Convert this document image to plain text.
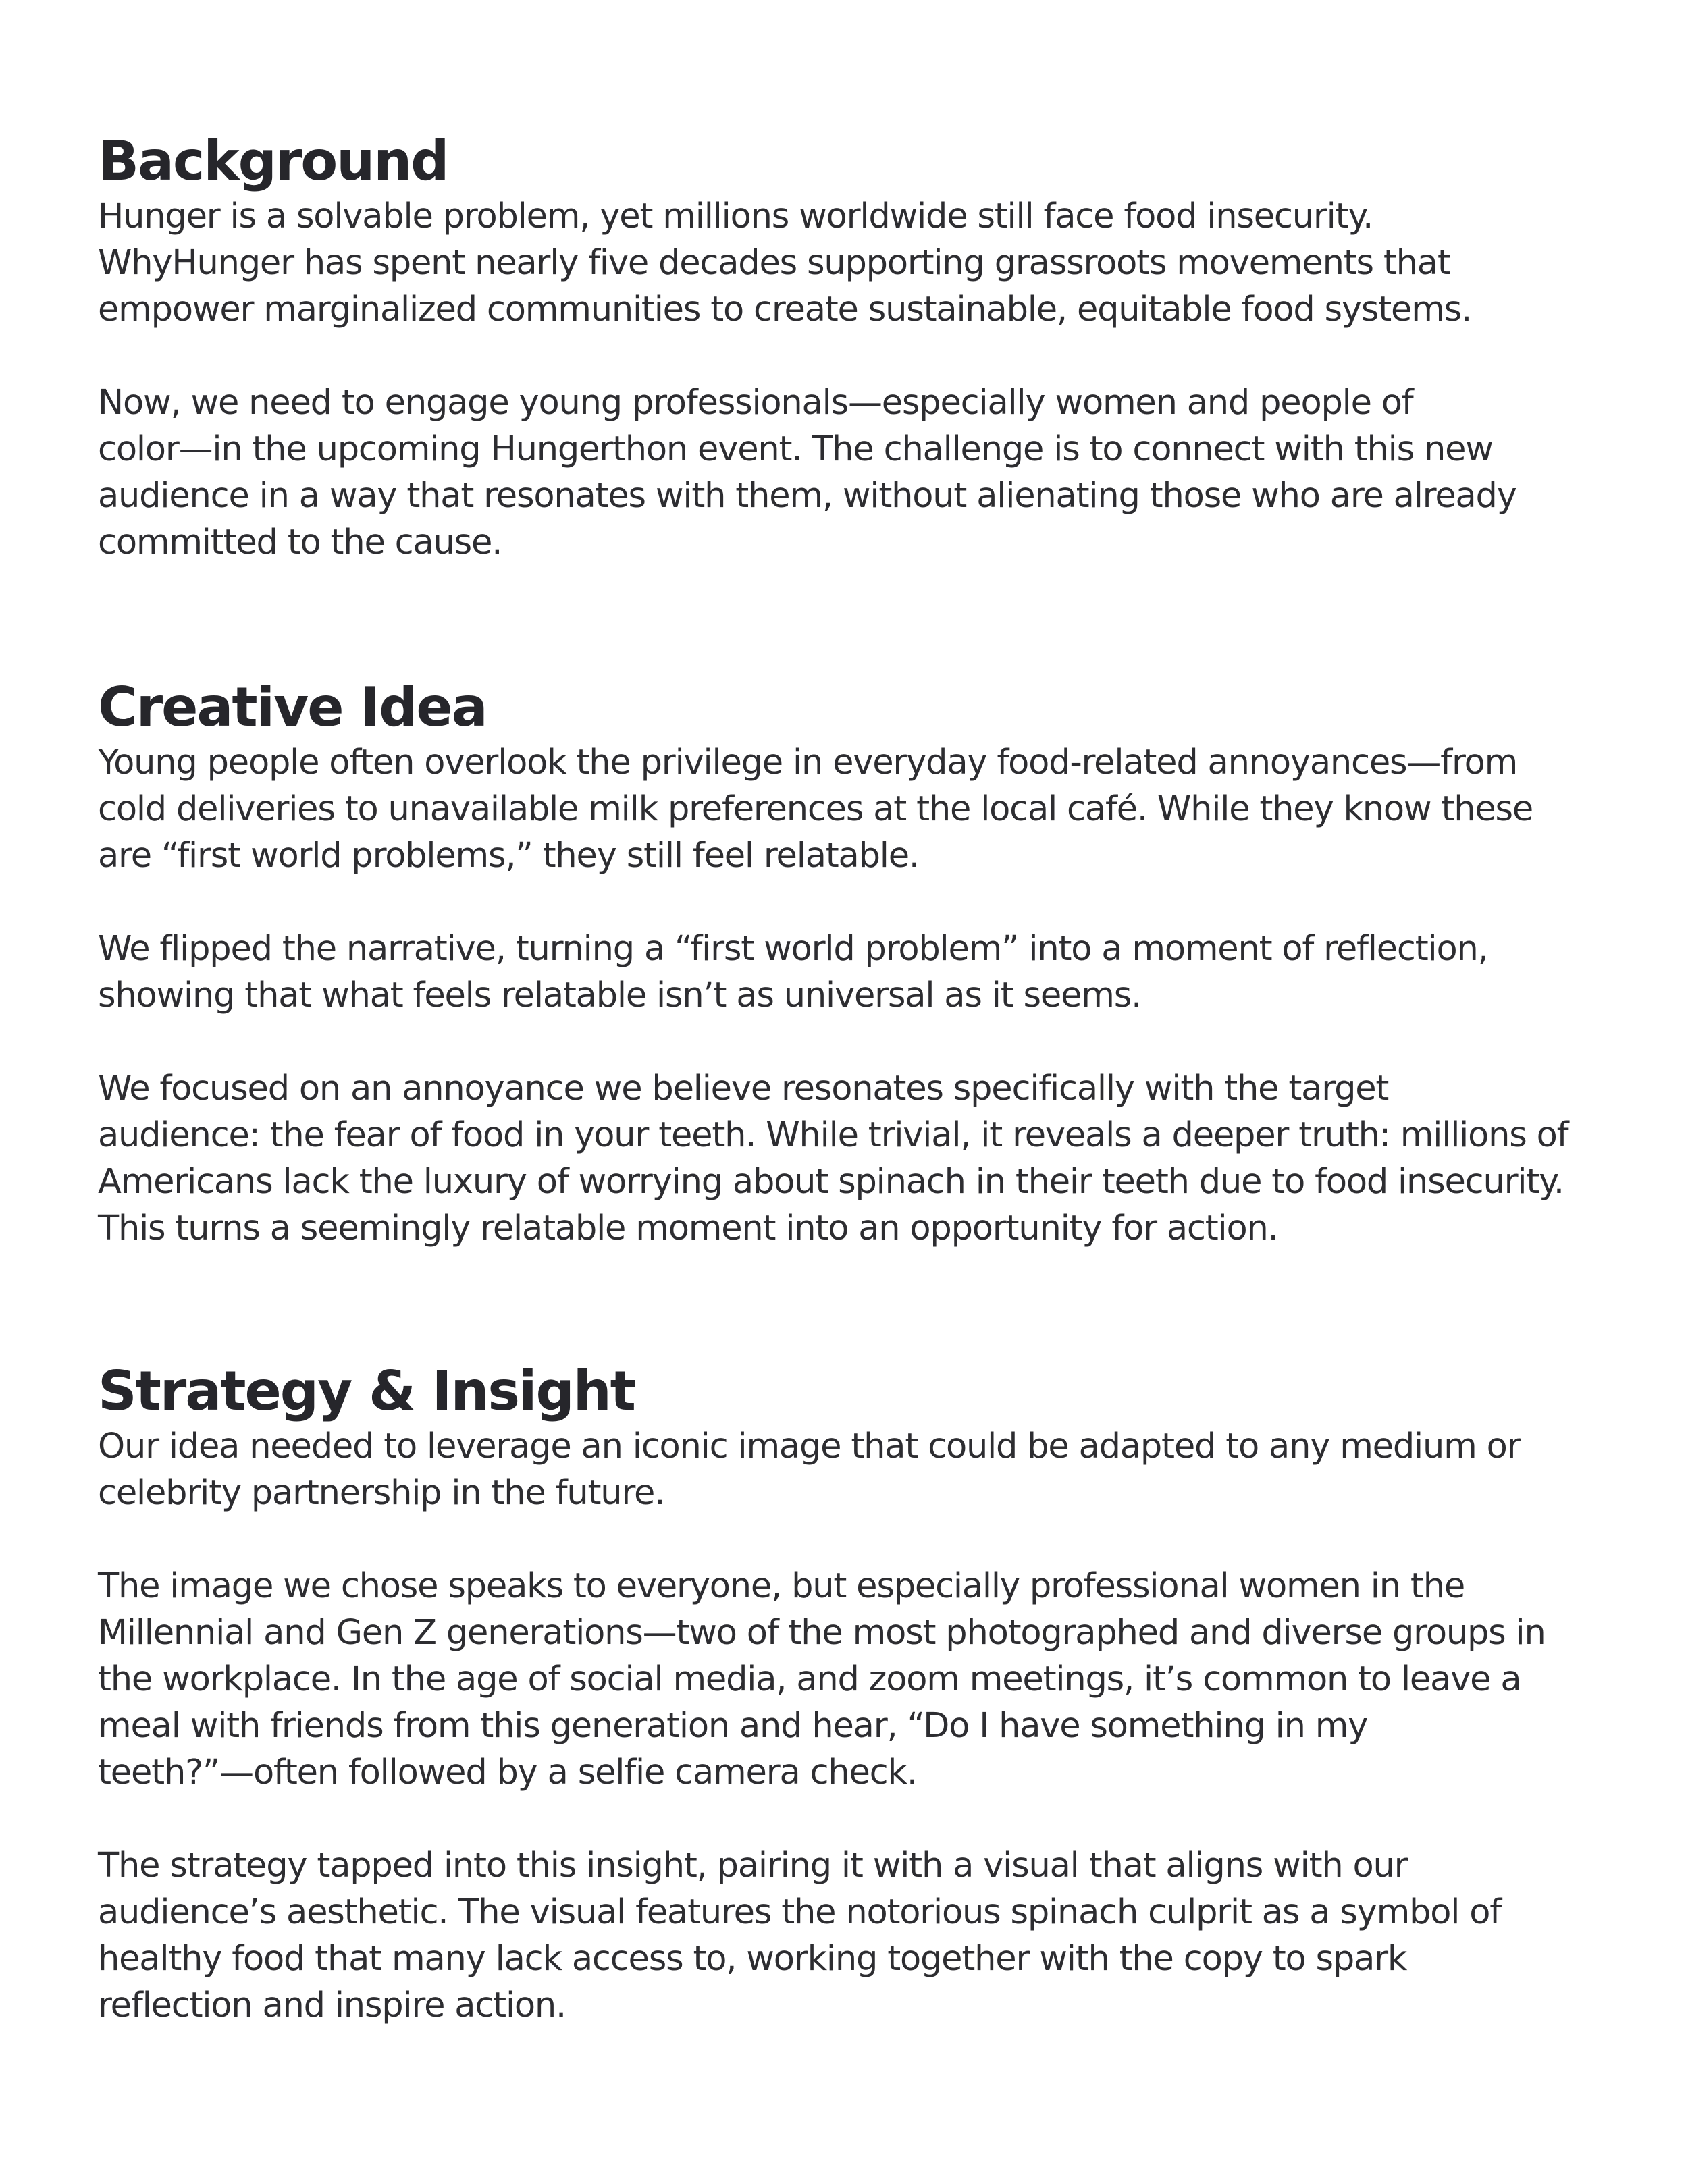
Background

Hunger is a solvable problem, yet millions worldwide still face food insecurity.
WhyHunger has spent nearly five decades supporting grassroots movements that
empower marginalized communities to create sustainable, equitable food systems.

Now, we need to engage young professionals—especially women and people of
color—in the upcoming Hungerthon event. The challenge is to connect with this new
audience in a way that resonates with them, without alienating those who are already
committed to the cause.

Creative Idea

Young people often overlook the privilege in everyday food-related annoyances—from
cold deliveries to unavailable milk preferences at the local café. While they know these
are “first world problems,” they still feel relatable.

We flipped the narrative, turning a “first world problem” into a moment of reflection,
showing that what feels relatable isn’t as universal as it seems.

We focused on an annoyance we believe resonates specifically with the target
audience: the fear of food in your teeth. While trivial, it reveals a deeper truth: millions of
Americans lack the luxury of worrying about spinach in their teeth due to food insecurity.
This turns a seemingly relatable moment into an opportunity for action.

Strategy & Insight

Our idea needed to leverage an iconic image that could be adapted to any medium or
celebrity partnership in the future.

The image we chose speaks to everyone, but especially professional women in the
Millennial and Gen Z generations—two of the most photographed and diverse groups in
the workplace. In the age of social media, and zoom meetings, it’s common to leave a
meal with friends from this generation and hear, “Do I have something in my
teeth?”—often followed by a selfie camera check.

The strategy tapped into this insight, pairing it with a visual that aligns with our
audience’s aesthetic. The visual features the notorious spinach culprit as a symbol of
healthy food that many lack access to, working together with the copy to spark
reflection and inspire action.
